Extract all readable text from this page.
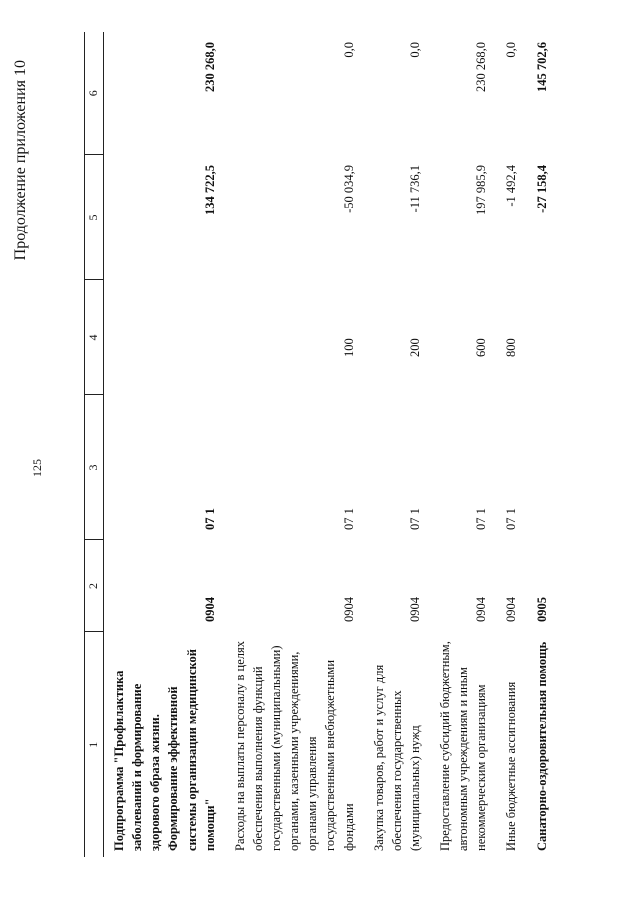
125
Продолжение приложения 10
1	2	3	4	5	6
Подпрограмма "Профилактика заболеваний и формирование здорового образа жизни. Формирование эффективной системы организации медицинской помощи"	0904	07 1		134 722,5	230 268,0
Расходы на выплаты персоналу в целях обеспечения выполнения функций государственными (муниципальными) органами, казенными учреждениями, органами управления государственными внебюджетными фондами	0904	07 1	100	-50 034,9	0,0
Закупка товаров, работ и услуг для обеспечения государственных (муниципальных) нужд	0904	07 1	200	-11 736,1	0,0
Предоставление субсидий бюджетным, автономным учреждениям и иным некоммерческим организациям	0904	07 1	600	197 985,9	230 268,0
Иные бюджетные ассигнования	0904	07 1	800	-1 492,4	0,0
Санаторно-оздоровительная помощь	0905			-27 158,4	145 702,6
